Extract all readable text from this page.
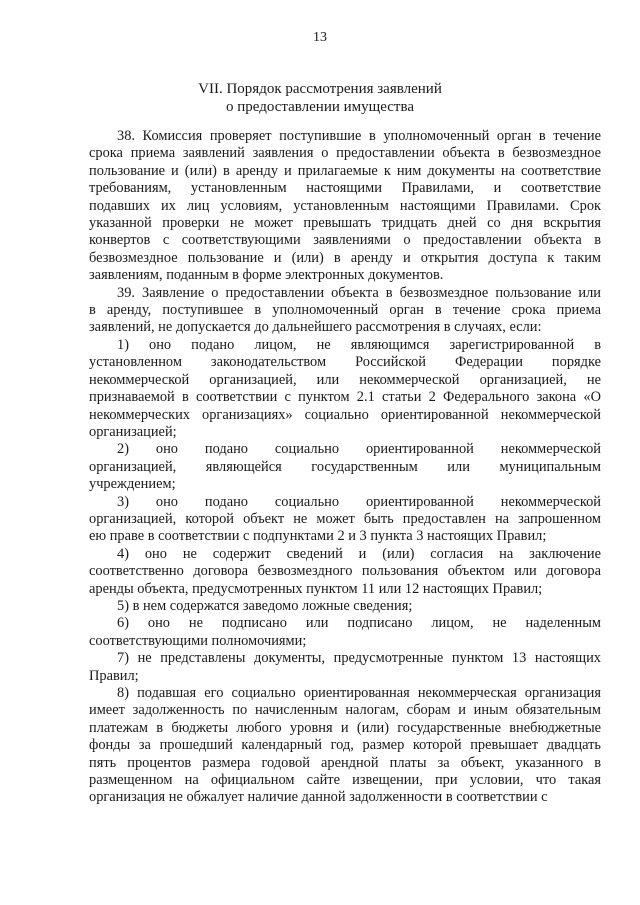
13
VII. Порядок рассмотрения заявлений
о предоставлении имущества
38. Комиссия проверяет поступившие в уполномоченный орган в течение
срока приема заявлений заявления о предоставлении объекта в безвозмездное
пользование и (или) в аренду и прилагаемые к ним документы на соответствие
требованиям, установленным настоящими Правилами, и соответствие
подавших их лиц условиям, установленным настоящими Правилами. Срок
указанной проверки не может превышать тридцать дней со дня вскрытия
конвертов с соответствующими заявлениями о предоставлении объекта в
безвозмездное пользование и (или) в аренду и открытия доступа к таким
заявлениям, поданным в форме электронных документов.
39. Заявление о предоставлении объекта в безвозмездное пользование или
в аренду, поступившее в уполномоченный орган в течение срока приема
заявлений, не допускается до дальнейшего рассмотрения в случаях, если:
1) оно подано лицом, не являющимся зарегистрированной в
установленном законодательством Российской Федерации порядке
некоммерческой организацией, или некоммерческой организацией, не
признаваемой в соответствии с пунктом 2.1 статьи 2 Федерального закона «О
некоммерческих организациях» социально ориентированной некоммерческой
организацией;
2) оно подано социально ориентированной некоммерческой
организацией, являющейся государственным или муниципальным
учреждением;
3) оно подано социально ориентированной некоммерческой
организацией, которой объект не может быть предоставлен на запрошенном
ею праве в соответствии с подпунктами 2 и 3 пункта 3 настоящих Правил;
4) оно не содержит сведений и (или) согласия на заключение
соответственно договора безвозмездного пользования объектом или договора
аренды объекта, предусмотренных пунктом 11 или 12 настоящих Правил;
5) в нем содержатся заведомо ложные сведения;
6) оно не подписано или подписано лицом, не наделенным
соответствующими полномочиями;
7) не представлены документы, предусмотренные пунктом 13 настоящих
Правил;
8) подавшая его социально ориентированная некоммерческая организация
имеет задолженность по начисленным налогам, сборам и иным обязательным
платежам в бюджеты любого уровня и (или) государственные внебюджетные
фонды за прошедший календарный год, размер которой превышает двадцать
пять процентов размера годовой арендной платы за объект, указанного в
размещенном на официальном сайте извещении, при условии, что такая
организация не обжалует наличие данной задолженности в соответствии с
